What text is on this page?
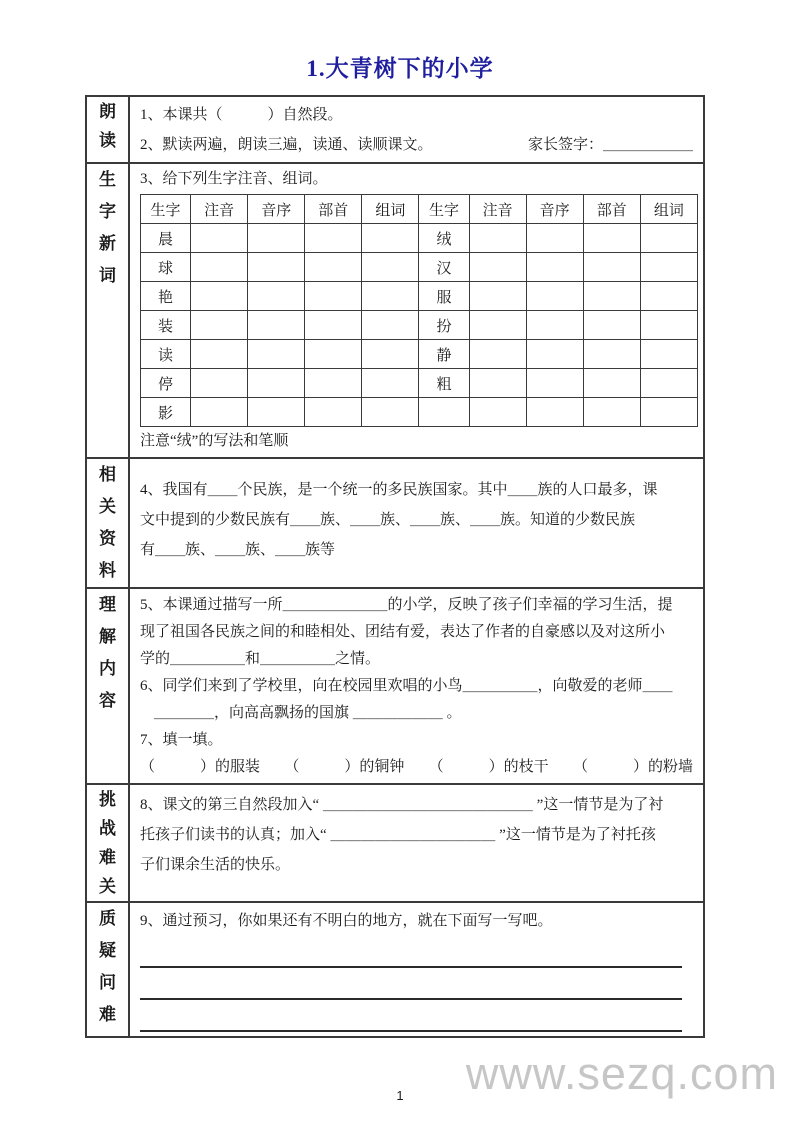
1.大青树下的小学
朗读

1、本课共（　　　）自然段。
2、默读两遍，朗读三遍，读通、读顺课文。	家长签字： ＿＿＿＿＿＿

生字新词

3、给下列生字注音、组词。
生字	注音	音序	部首	组词	生字	注音	音序	部首	组词
晨					绒				
球					汉				
艳					服				
装					扮				
读					静				
停					粗				
影									
注意“绒”的写法和笔顺

相关资料

4、我国有＿＿个民族，是一个统一的多民族国家。其中＿＿族的人口最多，课
文中提到的少数民族有＿＿族、＿＿族、＿＿族、＿＿族。知道的少数民族
有＿＿族、＿＿族、＿＿族等

理解内容

5、本课通过描写一所＿＿＿＿＿＿＿的小学，反映了孩子们幸福的学习生活，提
现了祖国各民族之间的和睦相处、团结有爱，表达了作者的自豪感以及对这所小
学的＿＿＿＿＿和＿＿＿＿＿之情。
6、同学们来到了学校里，向在校园里欢唱的小鸟＿＿＿＿＿，向敬爱的老师＿＿
＿＿＿＿，向高高飘扬的国旗 ＿＿＿＿＿＿ 。
7、填一填。
（　　　）的服装 （　　　）的铜钟 （　　　）的枝干 （　　　）的粉墙

挑战难关

8、课文的第三自然段加入“ ＿＿＿＿＿＿＿＿＿＿＿＿＿＿ ”这一情节是为了衬
托孩子们读书的认真；加入“ ＿＿＿＿＿＿＿＿＿＿＿ ”这一情节是为了衬托孩
子们课余生活的快乐。

质疑问难

9、通过预习，你如果还有不明白的地方，就在下面写一写吧。
1 www.sezq.com
